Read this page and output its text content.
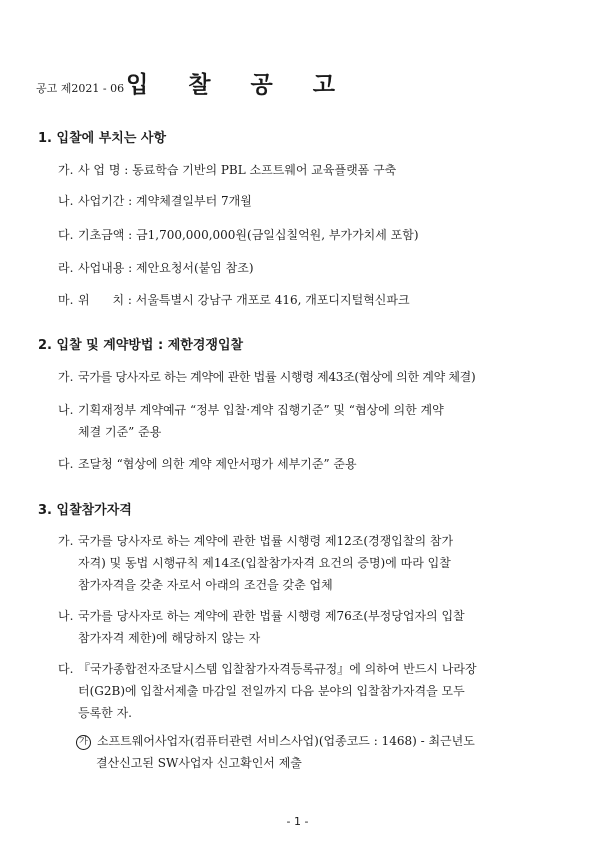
공고 제2021 - 06입 찰 공 고
1. 입찰에 부치는 사항
가. 사 업 명 : 동료학습 기반의 PBL 소프트웨어 교육플랫폼 구축
나. 사업기간 : 계약체결일부터 7개월
다. 기초금액 : 금1,700,000,000원(금일십칠억원, 부가가치세 포함)
라. 사업내용 : 제안요청서(붙임 참조)
마. 위      치 : 서울특별시 강남구 개포로 416, 개포디지털혁신파크
2. 입찰 및 계약방법 : 제한경쟁입찰
가. 국가를 당사자로 하는 계약에 관한 법률 시행령 제43조(협상에 의한 계약 체결)
나. 기획재정부 계약예규 “정부 입찰·계약 집행기준” 및 “협상에 의한 계약
체결 기준” 준용
다. 조달청 “협상에 의한 계약 제안서평가 세부기준” 준용
3. 입찰참가자격
가. 국가를 당사자로 하는 계약에 관한 법률 시행령 제12조(경쟁입찰의 참가
자격) 및 동법 시행규칙 제14조(입찰참가자격 요건의 증명)에 따라 입찰
참가자격을 갖춘 자로서 아래의 조건을 갖춘 업체
나. 국가를 당사자로 하는 계약에 관한 법률 시행령 제76조(부정당업자의 입찰
참가자격 제한)에 해당하지 않는 자
다. 『국가종합전자조달시스템 입찰참가자격등록규정』에 의하여 반드시 나라장
터(G2B)에 입찰서제출 마감일 전일까지 다음 분야의 입찰참가자격을 모두
등록한 자.
가 소프트웨어사업자(컴퓨터관련 서비스사업)(업종코드 : 1468) - 최근년도
결산신고된 SW사업자 신고확인서 제출
- 1 -
